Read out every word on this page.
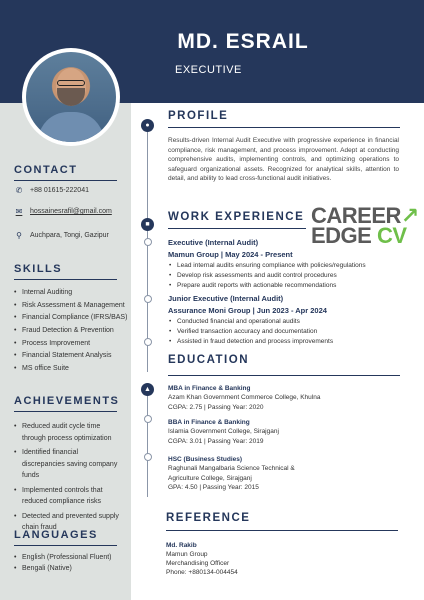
MD. ESRAIL
EXECUTIVE
CONTACT
✆ +88 01615-222041
✉ hossainesrafil@gmail.com
⚲ Auchpara, Tongi, Gazipur
SKILLS
• Internal Auditing
• Risk Assessment & Management
• Financial Compliance (IFRS/BAS)
• Fraud Detection & Prevention
• Process Improvement
• Financial Statement Analysis
• MS office Suite
ACHIEVEMENTS
• Reduced audit cycle time through process optimization
• Identified financial discrepancies saving company funds
• Implemented controls that reduced compliance risks
• Detected and prevented supply chain fraud
LANGUAGES
• English (Professional Fluent)
• Bengali (Native)
●
■
▲
PROFILE
Results-driven Internal Audit Executive with progressive experience in financial compliance, risk management, and process improvement. Adept at conducting comprehensive audits, implementing controls, and optimizing operations to safeguard organizational assets. Recognized for analytical skills, attention to detail, and ability to lead cross-functional audit initiatives.
WORK EXPERIENCE CAREER↗
EDGE CV
Executive (Internal Audit)
Mamun Group | May 2024 - Present
• Lead internal audits ensuring compliance with policies/regulations
• Develop risk assessments and audit control procedures
• Prepare audit reports with actionable recommendations
Junior Executive (Internal Audit)
Assurance Moni Group | Jun 2023 - Apr 2024
• Conducted financial and operational audits
• Verified transaction accuracy and documentation
• Assisted in fraud detection and process improvements
EDUCATION
MBA in Finance & Banking
Azam Khan Government Commerce College, Khulna
CGPA: 2.75 | Passing Year: 2020
BBA in Finance & Banking
Islamia Government College, Sirajganj
CGPA: 3.01 | Passing Year: 2019
HSC (Business Studies)
Raghunali Mangalbaria Science Technical &
Agriculture College, Sirajganj
GPA: 4.50 | Passing Year: 2015
REFERENCE
Md. Rakib
Mamun Group
Merchandising Officer
Phone: +880134-004454
